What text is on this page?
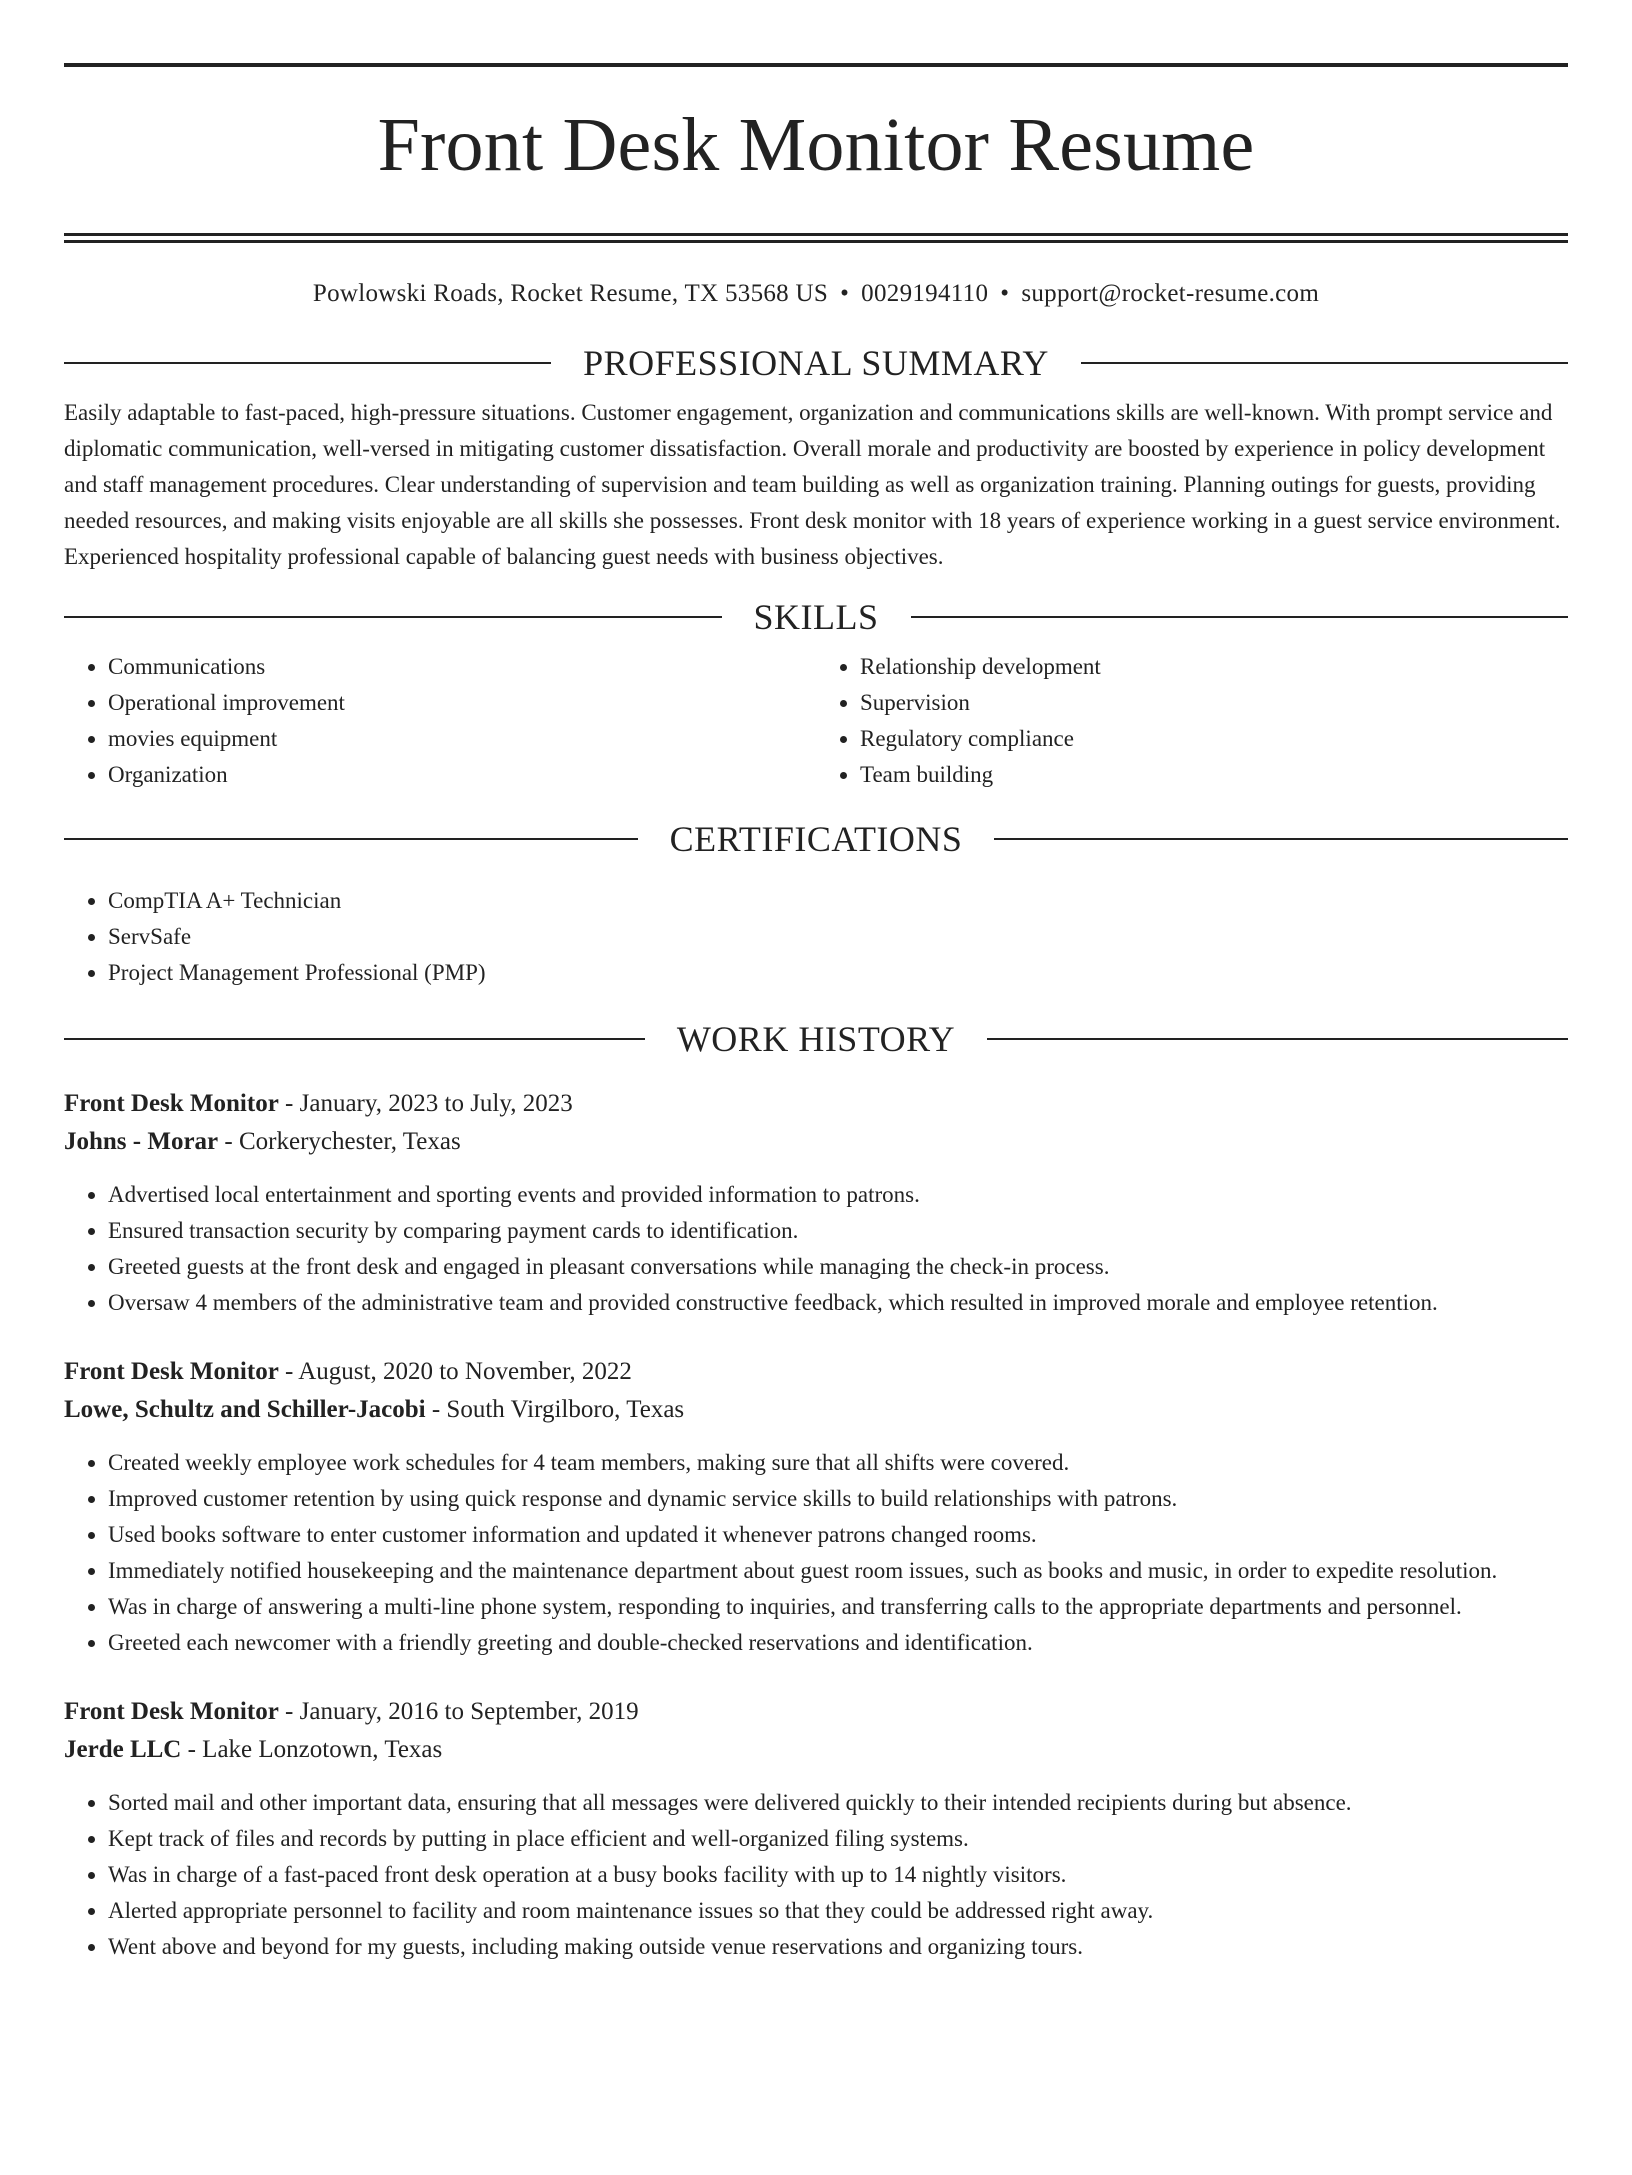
Front Desk Monitor Resume
Powlowski Roads, Rocket Resume, TX 53568 US • 0029194110 • support@rocket-resume.com
PROFESSIONAL SUMMARY
Easily adaptable to fast-paced, high-pressure situations. Customer engagement, organization and communications skills are well-known. With prompt service and diplomatic communication, well-versed in mitigating customer dissatisfaction. Overall morale and productivity are boosted by experience in policy development and staff management procedures. Clear understanding of supervision and team building as well as organization training. Planning outings for guests, providing needed resources, and making visits enjoyable are all skills she possesses. Front desk monitor with 18 years of experience working in a guest service environment. Experienced hospitality professional capable of balancing guest needs with business objectives.
SKILLS
• Communications
• Operational improvement
• movies equipment
• Organization
• Relationship development
• Supervision
• Regulatory compliance
• Team building
CERTIFICATIONS
• CompTIA A+ Technician
• ServSafe
• Project Management Professional (PMP)
WORK HISTORY
Front Desk Monitor - January, 2023 to July, 2023
Johns - Morar - Corkerychester, Texas
• Advertised local entertainment and sporting events and provided information to patrons.
• Ensured transaction security by comparing payment cards to identification.
• Greeted guests at the front desk and engaged in pleasant conversations while managing the check-in process.
• Oversaw 4 members of the administrative team and provided constructive feedback, which resulted in improved morale and employee retention.
Front Desk Monitor - August, 2020 to November, 2022
Lowe, Schultz and Schiller-Jacobi - South Virgilboro, Texas
• Created weekly employee work schedules for 4 team members, making sure that all shifts were covered.
• Improved customer retention by using quick response and dynamic service skills to build relationships with patrons.
• Used books software to enter customer information and updated it whenever patrons changed rooms.
• Immediately notified housekeeping and the maintenance department about guest room issues, such as books and music, in order to expedite resolution.
• Was in charge of answering a multi-line phone system, responding to inquiries, and transferring calls to the appropriate departments and personnel.
• Greeted each newcomer with a friendly greeting and double-checked reservations and identification.
Front Desk Monitor - January, 2016 to September, 2019
Jerde LLC - Lake Lonzotown, Texas
• Sorted mail and other important data, ensuring that all messages were delivered quickly to their intended recipients during but absence.
• Kept track of files and records by putting in place efficient and well-organized filing systems.
• Was in charge of a fast-paced front desk operation at a busy books facility with up to 14 nightly visitors.
• Alerted appropriate personnel to facility and room maintenance issues so that they could be addressed right away.
• Went above and beyond for my guests, including making outside venue reservations and organizing tours.
